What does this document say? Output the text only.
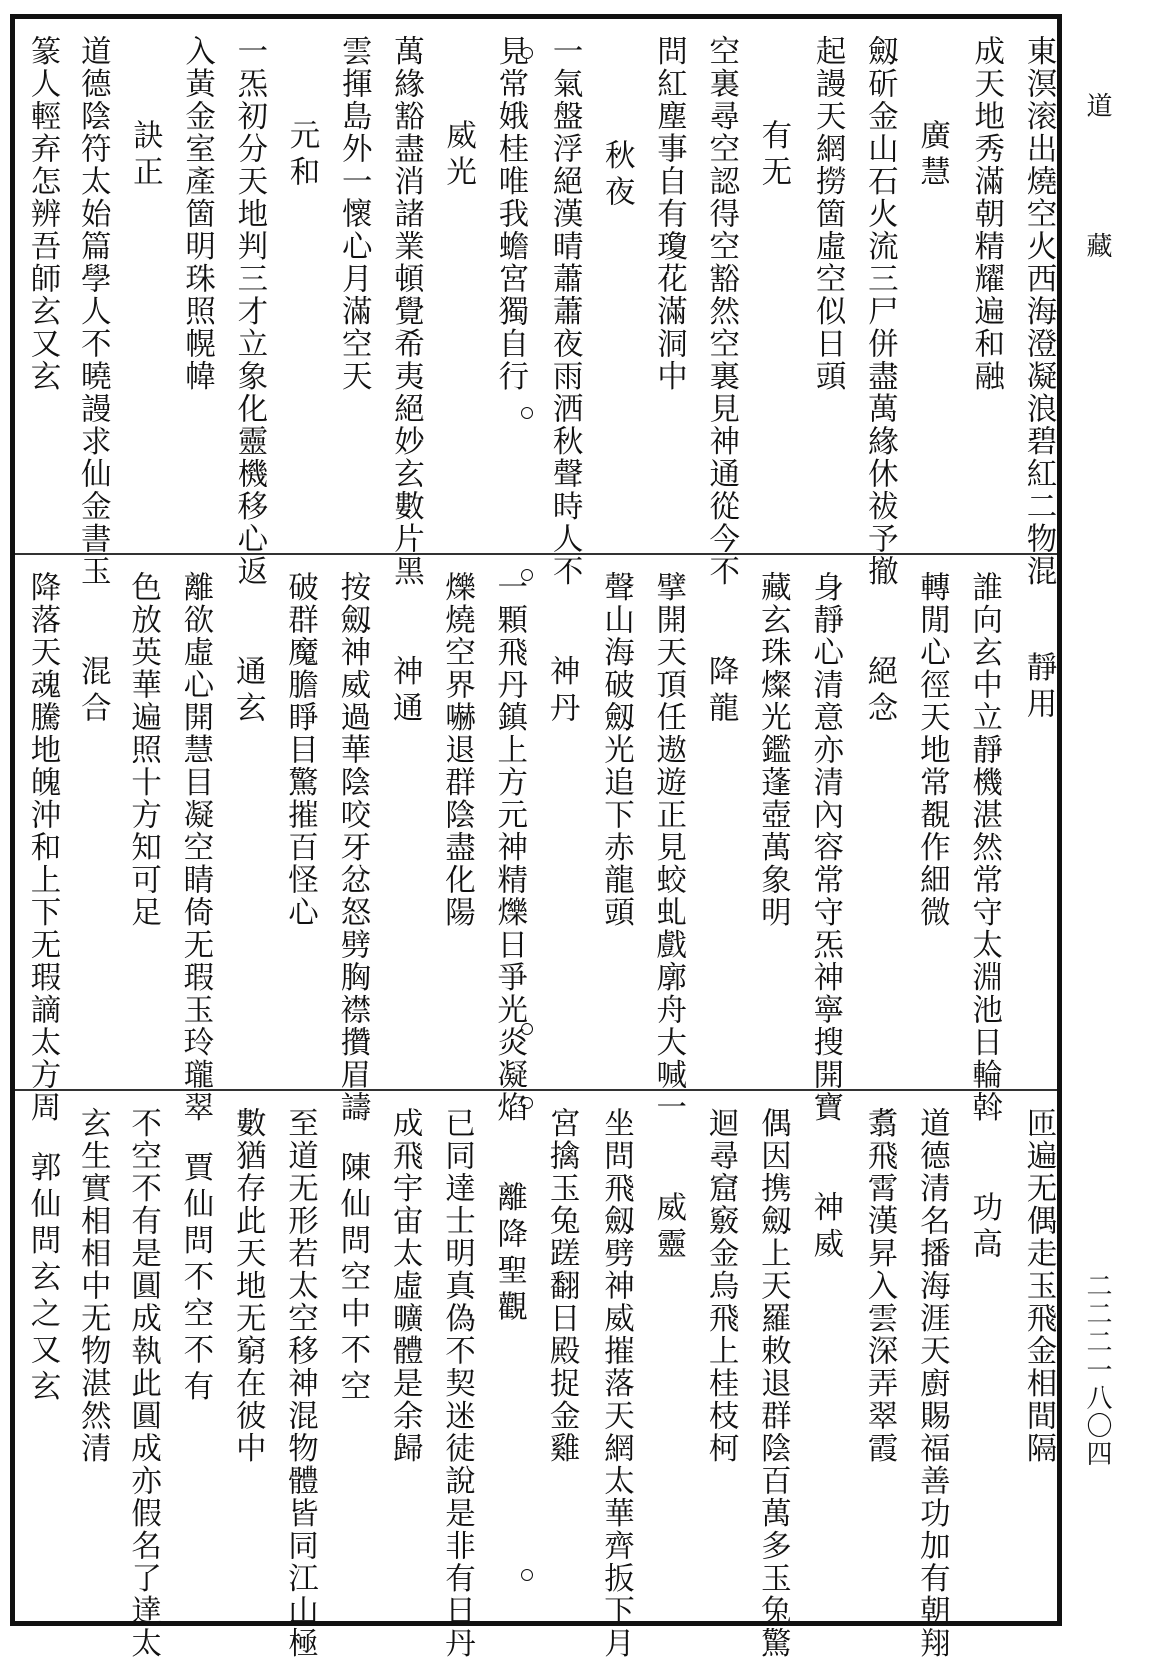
東溟滚出燒空火西海澄凝浪碧紅二物混
成天地秀滿朝精耀遍和融
廣慧
劔斫金山石火流三尸併盡萬緣休祓予撤
起謾天網撈箇虛空似日頭
有无
空裏尋空認得空豁然空裏見神通從今不
問紅塵事自有瓊花滿洞中
秋夜
一氣盤浮絕漢晴蕭蕭夜雨洒秋聲時人不
見常娥桂唯我蟾宮獨自行
威光
萬緣豁盡消諸業頓覺希夷絕妙玄數片黑
雲揮島外一懷心月滿空天
元和
一炁初分天地判三才立象化靈機移心返
入黃金室產箇明珠照幌幃
訣正
道德陰符太始篇學人不曉謾求仙金書玉
篆人輕弃怎辨吾師玄又玄
靜用
誰向玄中立靜機湛然常守太淵池日輪斡
轉閒心徑天地常覩作細微
絕念
身靜心清意亦清內容常守炁神寧搜開寶
藏玄珠燦光鑑蓬壺萬象明
降龍
擘開天頂任遨遊正見蛟虬戲廓舟大喊一
聲山海破劔光追下赤龍頭
神丹
一顆飛丹鎮上方元神精爍日爭光炎凝焰
爍燒空界嚇退群陰盡化陽
神通
按劔神威過華陰咬牙忿怒劈胸襟攢眉譸
破群魔膽睜目驚摧百怪心
通玄
離欲虛心開慧目凝空睛倚无瑕玉玲瓏翠
色放英華遍照十方知可足
混合
降落天魂騰地魄沖和上下无瑕謫太方周
匝遍无偶走玉飛金相間隔
功高
道德清名播海涯天廚賜福善功加有朝翔
翥飛霄漢昇入雲深弄翠霞
神威
偶因携劔上天羅敕退群陰百萬多玉兔驚
迴尋窟竅金烏飛上桂枝柯
威靈
坐問飛劔劈神威摧落天網太華齊扳下月
宮擒玉兔蹉翻日殿捉金雞
離降聖觀
已同達士明真偽不契迷徒說是非有日丹
成飛宇宙太虛曠體是余歸
陳仙問空中不空
至道无形若太空移神混物體皆同江山極
數猶存此天地无窮在彼中
賈仙問不空不有
不空不有是圓成執此圓成亦假名了達太
玄生實相相中无物湛然清
郭仙問玄之又玄
道　藏
二二二一八〇四
